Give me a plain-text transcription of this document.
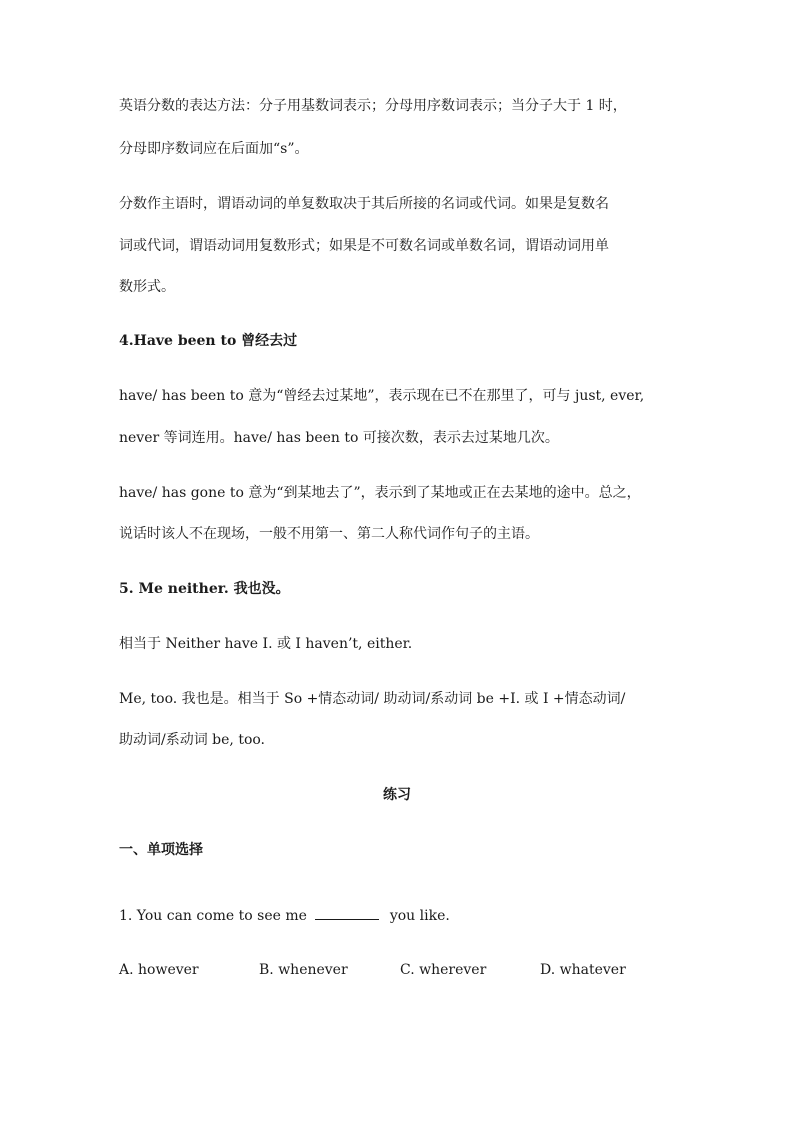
英语分数的表达方法：分子用基数词表示；分母用序数词表示；当分子大于 1 时，
分母即序数词应在后面加“s”。
分数作主语时，谓语动词的单复数取决于其后所接的名词或代词。如果是复数名
词或代词，谓语动词用复数形式；如果是不可数名词或单数名词，谓语动词用单
数形式。
4.Have been to 曾经去过
have/ has been to 意为“曾经去过某地”，表示现在已不在那里了，可与 just, ever,
never 等词连用。have/ has been to 可接次数，表示去过某地几次。
have/ has gone to 意为“到某地去了”，表示到了某地或正在去某地的途中。总之，
说话时该人不在现场，一般不用第一、第二人称代词作句子的主语。
5. Me neither. 我也没。
相当于 Neither have I. 或 I haven’t, either.
Me, too. 我也是。相当于 So +情态动词/ 助动词/系动词 be +I. 或 I +情态动词/
助动词/系动词 be, too.
练习
一、单项选择
1. You can come to see me	you like.
A. however	B. whenever	C. wherever	D. whatever
